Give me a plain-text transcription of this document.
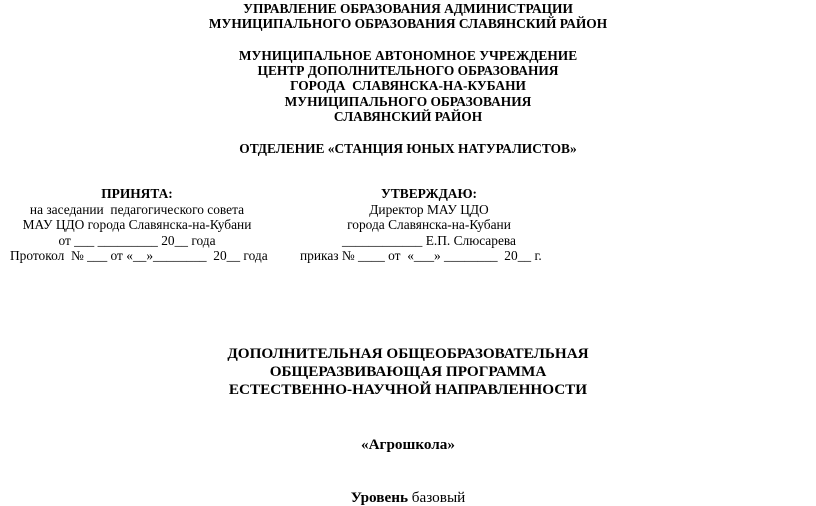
УПРАВЛЕНИЕ ОБРАЗОВАНИЯ АДМИНИСТРАЦИИ
МУНИЦИПАЛЬНОГО ОБРАЗОВАНИЯ СЛАВЯНСКИЙ РАЙОН
МУНИЦИПАЛЬНОЕ АВТОНОМНОЕ УЧРЕЖДЕНИЕ
ЦЕНТР ДОПОЛНИТЕЛЬНОГО ОБРАЗОВАНИЯ
ГОРОДА  СЛАВЯНСКА-НА-КУБАНИ
МУНИЦИПАЛЬНОГО ОБРАЗОВАНИЯ
СЛАВЯНСКИЙ РАЙОН
ОТДЕЛЕНИЕ «СТАНЦИЯ ЮНЫХ НАТУРАЛИСТОВ»
ПРИНЯТА:
на заседании  педагогического совета
МАУ ЦДО города Славянска-на-Кубани
от ___ _________ 20__ года
Протокол  № ___ от «__»________  20__ года
УТВЕРЖДАЮ:
Директор МАУ ЦДО
города Славянска-на-Кубани
____________ Е.П. Слюсарева
приказ № ____ от  «___» ________  20__ г.
ДОПОЛНИТЕЛЬНАЯ ОБЩЕОБРАЗОВАТЕЛЬНАЯ
ОБЩЕРАЗВИВАЮЩАЯ ПРОГРАММА
ЕСТЕСТВЕННО-НАУЧНОЙ НАПРАВЛЕННОСТИ
«Агрошкола»
Уровень базовый
